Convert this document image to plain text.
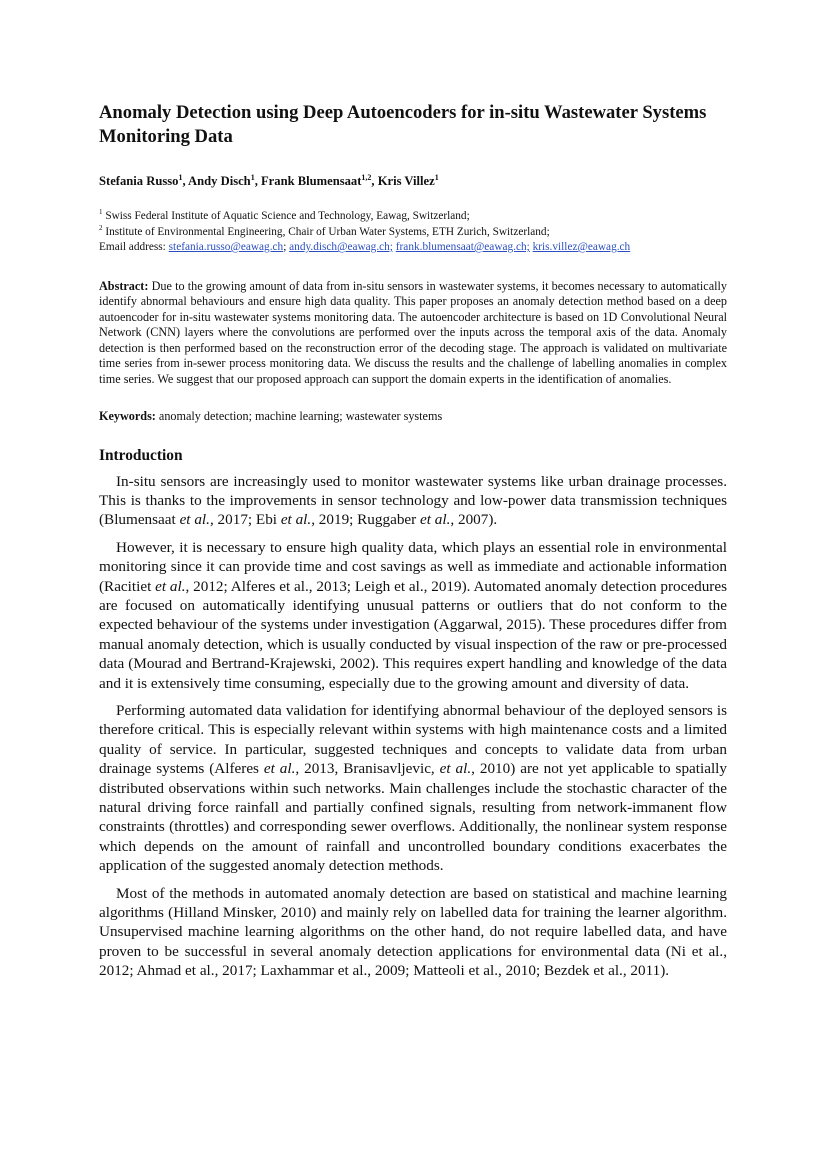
Anomaly Detection using Deep Autoencoders for in-situ Wastewater Systems Monitoring Data
Stefania Russo$^1$, Andy Disch$^1$, Frank Blumensaat$^{1,2}$, Kris Villez$^1$
$^1$ Swiss Federal Institute of Aquatic Science and Technology, Eawag, Switzerland;
$^2$ Institute of Environmental Engineering, Chair of Urban Water Systems, ETH Zurich, Switzerland;
Email address: stefania.russo@eawag.ch; andy.disch@eawag.ch; frank.blumensaat@eawag.ch; kris.villez@eawag.ch
Abstract: Due to the growing amount of data from in-situ sensors in wastewater systems, it becomes necessary to automatically identify abnormal behaviours and ensure high data quality. This paper proposes an anomaly detection method based on a deep autoencoder for in-situ wastewater systems monitoring data. The autoencoder architecture is based on 1D Convolutional Neural Network (CNN) layers where the convolutions are performed over the inputs across the temporal axis of the data. Anomaly detection is then performed based on the reconstruction error of the decoding stage. The approach is validated on multivariate time series from in-sewer process monitoring data. We discuss the results and the challenge of labelling anomalies in complex time series. We suggest that our proposed approach can support the domain experts in the identification of anomalies.
Keywords: anomaly detection; machine learning; wastewater systems
Introduction

In-situ sensors are increasingly used to monitor wastewater systems like urban drainage processes. This is thanks to the improvements in sensor technology and low-power data transmission techniques (Blumensaat et al., 2017; Ebi et al., 2019; Ruggaber et al., 2007).

However, it is necessary to ensure high quality data, which plays an essential role in environmental monitoring since it can provide time and cost savings as well as immediate and actionable information (Racitiet et al., 2012; Alferes et al., 2013; Leigh et al., 2019). Automated anomaly detection procedures are focused on automatically identifying unusual patterns or outliers that do not conform to the expected behaviour of the systems under investigation (Aggarwal, 2015). These procedures differ from manual anomaly detection, which is usually conducted by visual inspection of the raw or pre-processed data (Mourad and Bertrand-Krajewski, 2002). This requires expert handling and knowledge of the data and it is extensively time consuming, especially due to the growing amount and diversity of data.

Performing automated data validation for identifying abnormal behaviour of the deployed sensors is therefore critical. This is especially relevant within systems with high maintenance costs and a limited quality of service. In particular, suggested techniques and concepts to validate data from urban drainage systems (Alferes et al., 2013, Branisavljevic, et al., 2010) are not yet applicable to spatially distributed observations within such networks. Main challenges include the stochastic character of the natural driving force rainfall and partially confined signals, resulting from network-immanent flow constraints (throttles) and corresponding sewer overflows. Additionally, the nonlinear system response which depends on the amount of rainfall and uncontrolled boundary conditions exacerbates the application of the suggested anomaly detection methods.

Most of the methods in automated anomaly detection are based on statistical and machine learning algorithms (Hilland Minsker, 2010) and mainly rely on labelled data for training the learner algorithm. Unsupervised machine learning algorithms on the other hand, do not require labelled data, and have proven to be successful in several anomaly detection applications for environmental data (Ni et al., 2012; Ahmad et al., 2017; Laxhammar et al., 2009; Matteoli et al., 2010; Bezdek et al., 2011).
